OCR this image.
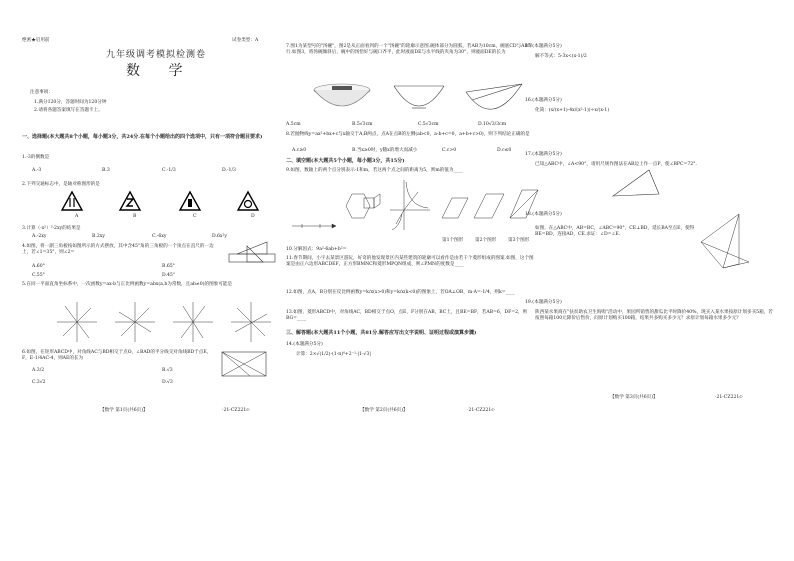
绝密★启用前	试卷类型：A
九年级调考模拟检测卷
数 学
注意事项：
1.满分120分，答题时间为120分钟
2.请将各题答案填写在答题卡上。
一、选择题(本大题共8个小题，每小题3分，共24分.在每个小题给出的四个选项中，只有一项符合题目要求)
1.-3的倒数是
A.-3	B.3	C.-1/3	D.-1/3
2.下列交通标志中，是轴对称图形的是
A	B	C	D
3.计算（-x²）³·2xy的结果是
A.-2xy	B.2xy	C.-6xy	D.6x²y
4.如图，将一副三角板按如图所示的方式摆放，其中含45°角的三角板的一个顶点在直尺的一边上，若∠1=35°，则∠2=
A.60°	B.65°
C.55°	D.45°
5.在同一平面直角坐标系中，一次函数y=ax-b与正比例函数y=abx(a,b为常数，且ab≠0)的图象可能是
6.如图，在矩形ABCD中，对角线AC与BD相交于点O，∠BAD的平分线交对角线BD于点E，F，E-1/4AC-4，则AE的长为
A.3/2	B.√3
C.3√2	D.√3
【数学 第1页(共6页)】	·21-CZ221c·
7.图1为某型号的"汤碗"，图2是从正面看到的一个"汤碗"的轮廓示意图.碗体部分为圆弧，若AB为10cm，碗底CD与AB平行.如图3，将汤碗倾斜后，碗中的汤恰好与碗口齐平，此时液面DE与水平线的夹角为30°，则液面DE的长为
A.5cm	B.5√3cm	C.5√3cm	D.10√3/3cm
8.若抛物线y=ax²+bx+c与x轴交于A,B两点，点A在点B的左侧(ab<0，a-b+c=0，a+b+c>0)，则下列结论正确的是
A.c≥0	B.当x≥0时，y随x的增大而减小	C.c>0	D.c≤0
二、填空题(本大题共5个小题，每小题3分，共15分)
9.如图，数轴上的两个点分别表示-1和m，若这两个点之间的距离为5，则m的值为____
第1个图形	第2个图形	第3个图形
10.分解因式：9a²-6ab+b²=
11.春节期间，小宇去某景区游玩，好奇的他发现景区内某些建筑的轮廓可以看作是由若干个菱形组成的图案.如图，这个图案是由正六边形ABCDEF，正方形BMNC和菱形MPQN组成，则∠PMN的度数是____
12.如图，点A，B分别在反比例函数y=k/x(x>0)和y=k/x(k<0)的图象上，若OA⊥OB，m·A=-1/4，则k=____
13.如图，菱形ABCD中，对角线AC，BD相交于点O，点E，F分别在AB，BC上，且BE=BF，若AB=6，DF=2，则BG=____
三、解答题(本大题共11个小题，共81分.解答应写出文字说明、证明过程或演算步骤)
14.(本题满分5分)
计算：2×√(1/2)-(1-π)⁰+2⁻¹-|1-√3|
【数学 第2页(共6页)】	·21-CZ221c·
15.(本题满分5分)
解不等式：5-3x<(x-1)/2
16.(本题满分5分)
化简：(x/(x+1)-4x/(x²-1))÷x/(x-1)
17.(本题满分5分)
已知△ABC中，∠A<90°，请用尺规作图法在AB边上作一点P，使∠BPC=72°.
18.(本题满分5分)
如图，在△ABC中，AB=BC，∠ABC=90°，CE⊥BD，延长BA至点E，使得BE=BD，连接AD，CE.求证：∠D=∠E.
19.(本题满分5分)
陕西某水果商在"扶贫助农卫生海购"活动中，果园所销售的甜瓜比平时降价40%，现买入某水果按原计划多买5箱，若按照每箱100元降价后售价，问原计划购买100箱，结果共多购买多少元？求原计划每箱水果多少元？
【数学 第3页(共6页)】	·21-CZ221c·
